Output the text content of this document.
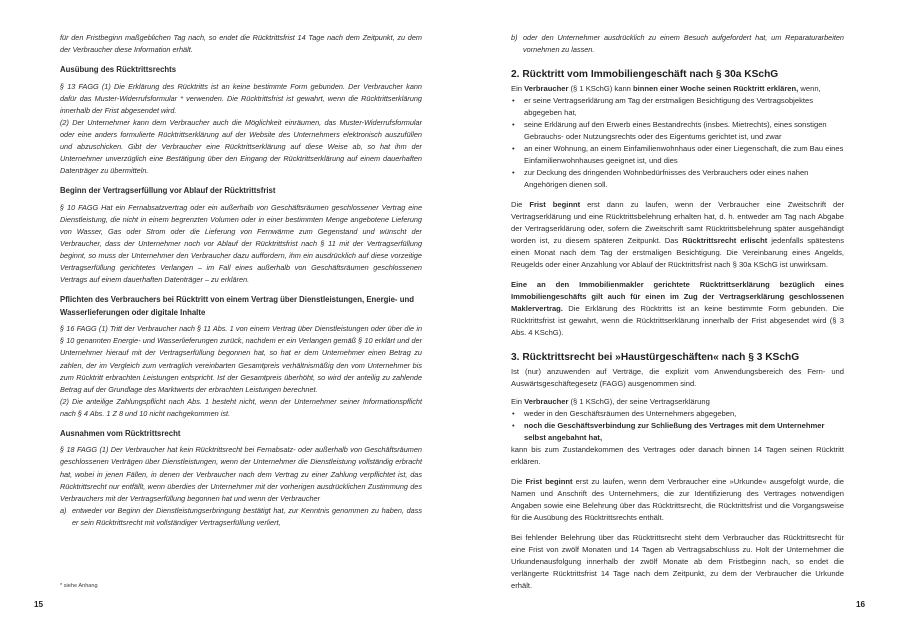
für den Fristbeginn maßgeblichen Tag nach, so endet die Rücktrittsfrist 14 Tage nach dem Zeitpunkt, zu dem der Verbraucher diese Information erhält.

Ausübung des Rücktrittsrechts

§ 13 FAGG (1) Die Erklärung des Rücktritts ist an keine bestimmte Form gebunden. Der Verbraucher kann dafür das Muster-Widerrufsformular * verwenden. Die Rücktrittsfrist ist gewahrt, wenn die Rücktrittserklärung innerhalb der Frist abgesendet wird.

(2) Der Unternehmer kann dem Verbraucher auch die Möglichkeit einräumen, das Muster-Widerrufsformular oder eine anders formulierte Rücktrittserklärung auf der Website des Unternehmers elektronisch auszufüllen und abzuschicken. Gibt der Verbraucher eine Rücktrittserklärung auf diese Weise ab, so hat ihm der Unternehmer unverzüglich eine Bestätigung über den Eingang der Rücktrittserklärung auf einem dauerhaften Datenträger zu übermitteln.

Beginn der Vertragserfüllung vor Ablauf der Rücktrittsfrist

§ 10 FAGG Hat ein Fernabsatzvertrag oder ein außerhalb von Geschäftsräumen geschlossener Vertrag eine Dienstleistung, die nicht in einem begrenzten Volumen oder in einer bestimmten Menge angebotene Lieferung von Wasser, Gas oder Strom oder die Lieferung von Fernwärme zum Gegenstand und wünscht der Verbraucher, dass der Unternehmer noch vor Ablauf der Rücktrittsfrist nach § 11 mit der Vertragserfüllung beginnt, so muss der Unternehmer den Verbraucher dazu auffordern, ihm ein ausdrücklich auf diese vorzeitige Vertragserfüllung gerichtetes Verlangen – im Fall eines außerhalb von Geschäftsräumen geschlossenen Vertrags auf einem dauerhaften Datenträger – zu erklären.

Pflichten des Verbrauchers bei Rücktritt von einem Vertrag über Dienstleistungen, Energie- und Wasserlieferungen oder digitale Inhalte

§ 16 FAGG (1) Tritt der Verbraucher nach § 11 Abs. 1 von einem Vertrag über Dienstleistungen oder über die in § 10 genannten Energie- und Wasserlieferungen zurück, nachdem er ein Verlangen gemäß § 10 erklärt und der Unternehmer hierauf mit der Vertragserfüllung begonnen hat, so hat er dem Unternehmer einen Betrag zu zahlen, der im Vergleich zum vertraglich vereinbarten Gesamtpreis verhältnismäßig den vom Unternehmer bis zum Rücktritt erbrachten Leistungen entspricht. Ist der Gesamtpreis überhöht, so wird der anteilig zu zahlende Betrag auf der Grundlage des Marktwerts der erbrachten Leistungen berechnet.

(2) Die anteilige Zahlungspflicht nach Abs. 1 besteht nicht, wenn der Unternehmer seiner Informationspflicht nach § 4 Abs. 1 Z 8 und 10 nicht nachgekommen ist.

Ausnahmen vom Rücktrittsrecht

§ 18 FAGG (1) Der Verbraucher hat kein Rücktrittsrecht bei Fernabsatz- oder außerhalb von Geschäftsräumen geschlossenen Verträgen über Dienstleistungen, wenn der Unternehmer die Dienstleistung vollständig erbracht hat, wobei in jenen Fällen, in denen der Verbraucher nach dem Vertrag zu einer Zahlung verpflichtet ist, das Rücktrittsrecht nur entfällt, wenn überdies der Unternehmer mit der vorherigen ausdrücklichen Zustimmung des Verbrauchers mit der Vertragserfüllung begonnen hat und wenn der Verbraucher

a) entweder vor Beginn der Dienstleistungserbringung bestätigt hat, zur Kenntnis genommen zu haben, dass er sein Rücktrittsrecht mit vollständiger Vertragserfüllung verliert,
* siehe Anhang
15
b) oder den Unternehmer ausdrücklich zu einem Besuch aufgefordert hat, um Reparaturarbeiten vornehmen zu lassen.
2. Rücktritt vom Immobiliengeschäft nach § 30a KSchG

Ein Verbraucher (§ 1 KSchG) kann binnen einer Woche seinen Rücktritt erklären, wenn,

• er seine Vertragserklärung am Tag der erstmaligen Besichtigung des Vertragsobjektes abgegeben hat,
• seine Erklärung auf den Erwerb eines Bestandrechts (insbes. Mietrechts), eines sonstigen Gebrauchs- oder Nutzungsrechts oder des Eigentums gerichtet ist, und zwar
• an einer Wohnung, an einem Einfamilienwohnhaus oder einer Liegenschaft, die zum Bau eines Einfamilienwohnhauses geeignet ist, und dies
• zur Deckung des dringenden Wohnbedürfnisses des Verbrauchers oder eines nahen Angehörigen dienen soll.

Die Frist beginnt erst dann zu laufen, wenn der Verbraucher eine Zweitschrift der Vertragserklärung und eine Rücktrittsbelehrung erhalten hat, d. h. entweder am Tag nach Abgabe der Vertragserklärung oder, sofern die Zweitschrift samt Rücktrittsbelehrung später ausgehändigt worden ist, zu diesem späteren Zeitpunkt. Das Rücktrittsrecht erlischt jedenfalls spätestens einen Monat nach dem Tag der erstmaligen Besichtigung. Die Vereinbarung eines Angelds, Reugelds oder einer Anzahlung vor Ablauf der Rücktrittsfrist nach § 30a KSchG ist unwirksam.

Eine an den Immobilienmakler gerichtete Rücktrittserklärung bezüglich eines Immobiliengeschäfts gilt auch für einen im Zug der Vertragserklärung geschlossenen Maklervertrag. Die Erklärung des Rücktritts ist an keine bestimmte Form gebunden. Die Rücktrittsfrist ist gewahrt, wenn die Rücktrittserklärung innerhalb der Frist abgesendet wird (§ 3 Abs. 4 KSchG).

3. Rücktrittsrecht bei »Haustürgeschäften« nach § 3 KSchG

Ist (nur) anzuwenden auf Verträge, die explizit vom Anwendungsbereich des Fern- und Auswärtsgeschäftegesetz (FAGG) ausgenommen sind.

Ein Verbraucher (§ 1 KSchG), der seine Vertragserklärung

• weder in den Geschäftsräumen des Unternehmers abgegeben,
• noch die Geschäftsverbindung zur Schließung des Vertrages mit dem Unternehmer selbst angebahnt hat,

kann bis zum Zustandekommen des Vertrages oder danach binnen 14 Tagen seinen Rücktritt erklären.

Die Frist beginnt erst zu laufen, wenn dem Verbraucher eine »Urkunde« ausgefolgt wurde, die Namen und Anschrift des Unternehmers, die zur Identifizierung des Vertrages notwendigen Angaben sowie eine Belehrung über das Rücktrittsrecht, die Rücktrittsfrist und die Vorgangsweise für die Ausübung des Rücktrittsrechts enthält.

Bei fehlender Belehrung über das Rücktrittsrecht steht dem Verbraucher das Rücktrittsrecht für eine Frist von zwölf Monaten und 14 Tagen ab Vertragsabschluss zu. Holt der Unternehmer die Urkundenausfolgung innerhalb der zwölf Monate ab dem Fristbeginn nach, so endet die verlängerte Rücktrittsfrist 14 Tage nach dem Zeitpunkt, zu dem der Verbraucher die Urkunde erhält.

16
